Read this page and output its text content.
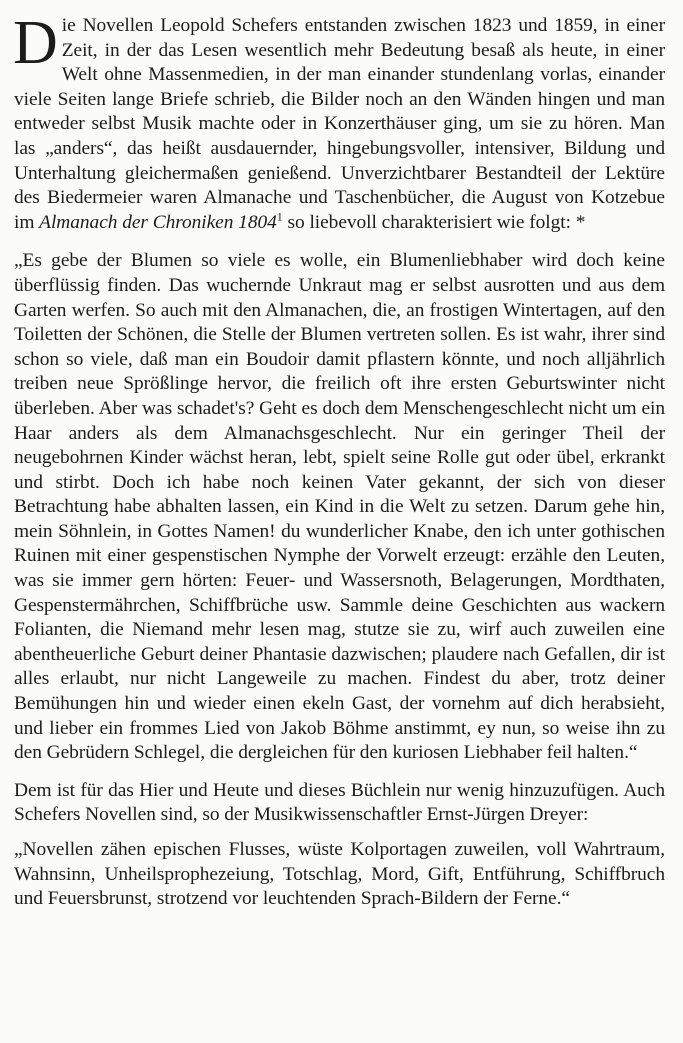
Die Novellen Leopold Schefers entstanden zwischen 1823 und 1859, in einer Zeit, in der das Lesen wesentlich mehr Bedeutung besaß als heute, in einer Welt ohne Massenmedien, in der man einander stundenlang vorlas, einander viele Seiten lange Briefe schrieb, die Bilder noch an den Wänden hingen und man entweder selbst Musik machte oder in Konzerthäuser ging, um sie zu hören. Man las „anders“, das heißt ausdauernder, hingebungsvoller, intensiver, Bildung und Unterhaltung gleichermaßen genießend. Unverzichtbarer Bestandteil der Lektüre des Biedermeier waren Almanache und Taschenbücher, die August von Kotzebue im Almanach der Chroniken 1804$^1$ so liebevoll charakterisiert wie folgt: *

„Es gebe der Blumen so viele es wolle, ein Blumenliebhaber wird doch keine überflüssig finden. Das wuchernde Unkraut mag er selbst ausrotten und aus dem Garten werfen. So auch mit den Almanachen, die, an frostigen Wintertagen, auf den Toiletten der Schönen, die Stelle der Blumen vertreten sollen. Es ist wahr, ihrer sind schon so viele, daß man ein Boudoir damit pflastern könnte, und noch alljährlich treiben neue Sprößlinge hervor, die freilich oft ihre ersten Geburtswinter nicht überleben. Aber was schadet's? Geht es doch dem Menschengeschlecht nicht um ein Haar anders als dem Almanachsgeschlecht. Nur ein geringer Theil der neugebohrnen Kinder wächst heran, lebt, spielt seine Rolle gut oder übel, erkrankt und stirbt. Doch ich habe noch keinen Vater gekannt, der sich von dieser Betrachtung habe abhalten lassen, ein Kind in die Welt zu setzen. Darum gehe hin, mein Söhnlein, in Gottes Namen! du wunderlicher Knabe, den ich unter gothischen Ruinen mit einer gespenstischen Nymphe der Vorwelt erzeugt: erzähle den Leuten, was sie immer gern hörten: Feuer- und Wassersnoth, Belagerungen, Mordthaten, Gespenstermährchen, Schiffbrüche usw. Sammle deine Geschichten aus wackern Folianten, die Niemand mehr lesen mag, stutze sie zu, wirf auch zuweilen eine abentheuerliche Geburt deiner Phantasie dazwischen; plaudere nach Gefallen, dir ist alles erlaubt, nur nicht Langeweile zu machen. Findest du aber, trotz deiner Bemühungen hin und wieder einen ekeln Gast, der vornehm auf dich herabsieht, und lieber ein frommes Lied von Jakob Böhme anstimmt, ey nun, so weise ihn zu den Gebrüdern Schlegel, die dergleichen für den kuriosen Liebhaber feil halten.“

Dem ist für das Hier und Heute und dieses Büchlein nur wenig hinzuzufügen. Auch Schefers Novellen sind, so der Musikwissenschaftler Ernst-Jürgen Dreyer:

„Novellen zähen epischen Flusses, wüste Kolportagen zuweilen, voll Wahrtraum, Wahnsinn, Unheilsprophezeiung, Totschlag, Mord, Gift, Entführung, Schiffbruch und Feuersbrunst, strotzend vor leuchtenden Sprach-Bildern der Ferne.“
